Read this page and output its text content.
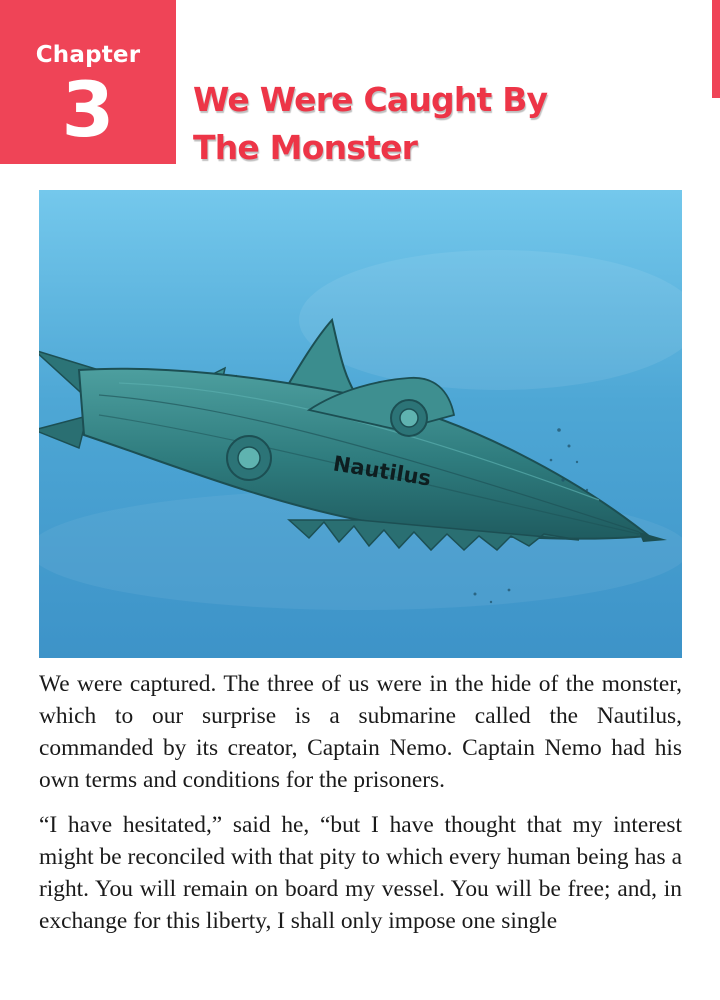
Chapter
3	We Were Caught By
The Monster
Nautilus

We were captured. The three of us were in the hide of the monster, which to our surprise is a submarine called the Nautilus, commanded by its creator, Captain Nemo. Captain Nemo had his own terms and conditions for the prisoners.

“I have hesitated,” said he, “but I have thought that my interest might be reconciled with that pity to which every human being has a right. You will remain on board my vessel. You will be free; and, in exchange for this liberty, I shall only impose one single
